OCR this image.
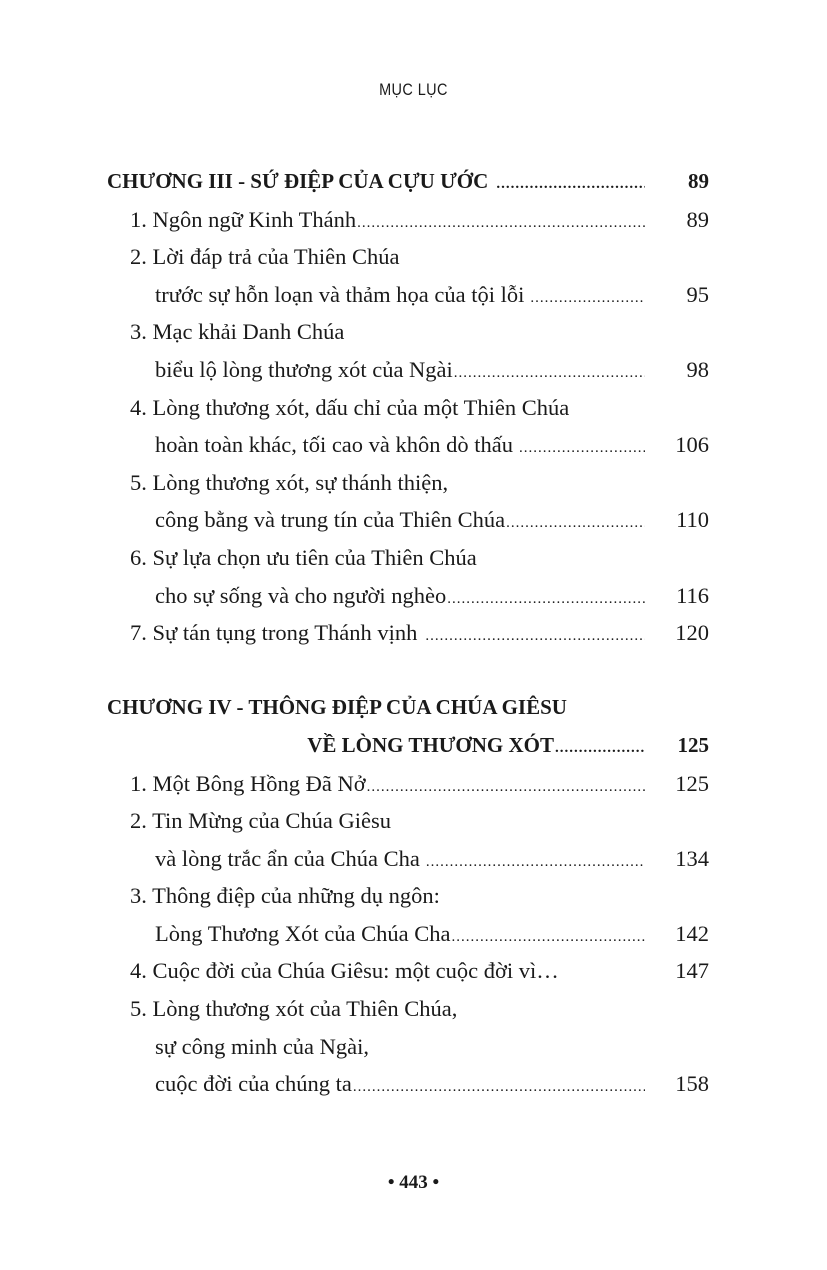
MỤC LỤC
CHƯƠNG III - SỨ ĐIỆP CỦA CỰU ƯỚC .....	89
1. Ngôn ngữ Kinh Thánh .....	89
2. Lời đáp trả của Thiên Chúa
trước sự hỗn loạn và thảm họa của tội lỗi .....	95
3. Mạc khải Danh Chúa
biểu lộ lòng thương xót của Ngài .....	98
4. Lòng thương xót, dấu chỉ của một Thiên Chúa
hoàn toàn khác, tối cao và khôn dò thấu .....	106
5. Lòng thương xót, sự thánh thiện,
công bằng và trung tín của Thiên Chúa .....	110
6. Sự lựa chọn ưu tiên của Thiên Chúa
cho sự sống và cho người nghèo .....	116
7. Sự tán tụng trong Thánh vịnh .....	120
CHƯƠNG IV - THÔNG ĐIỆP CỦA CHÚA GIÊSU
VỀ LÒNG THƯƠNG XÓT .....	125
1. Một Bông Hồng Đã Nở .....	125
2. Tin Mừng của Chúa Giêsu
và lòng trắc ẩn của Chúa Cha .....	134
3. Thông điệp của những dụ ngôn:
Lòng Thương Xót của Chúa Cha .....	142
4. Cuộc đời của Chúa Giêsu: một cuộc đời vì…	147
5. Lòng thương xót của Thiên Chúa,
sự công minh của Ngài,
cuộc đời của chúng ta .....	158
• 443 •
